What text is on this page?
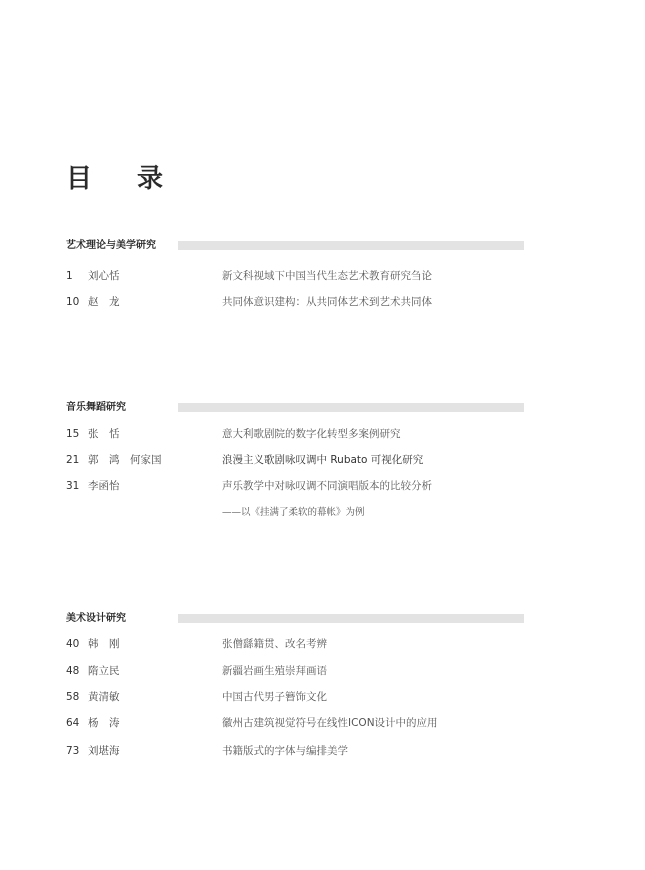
目 录
艺术理论与美学研究
1 刘心恬	新文科视域下中国当代生态艺术教育研究刍论
10 赵　龙	共同体意识建构：从共同体艺术到艺术共同体
音乐舞蹈研究
15 张　恬	意大利歌剧院的数字化转型多案例研究
21 郭　鸿　何家国	浪漫主义歌剧咏叹调中 Rubato 可视化研究
31 李函怡	声乐教学中对咏叹调不同演唱版本的比较分析
——以《挂满了柔软的幕帐》为例
美术设计研究
40 韩　刚	张僧繇籍贯、改名考辨
48 隋立民	新疆岩画生殖崇拜画语
58 黄清敏	中国古代男子簪饰文化
64 杨　涛	徽州古建筑视觉符号在线性ICON设计中的应用
73 刘堪海	书籍版式的字体与编排美学
